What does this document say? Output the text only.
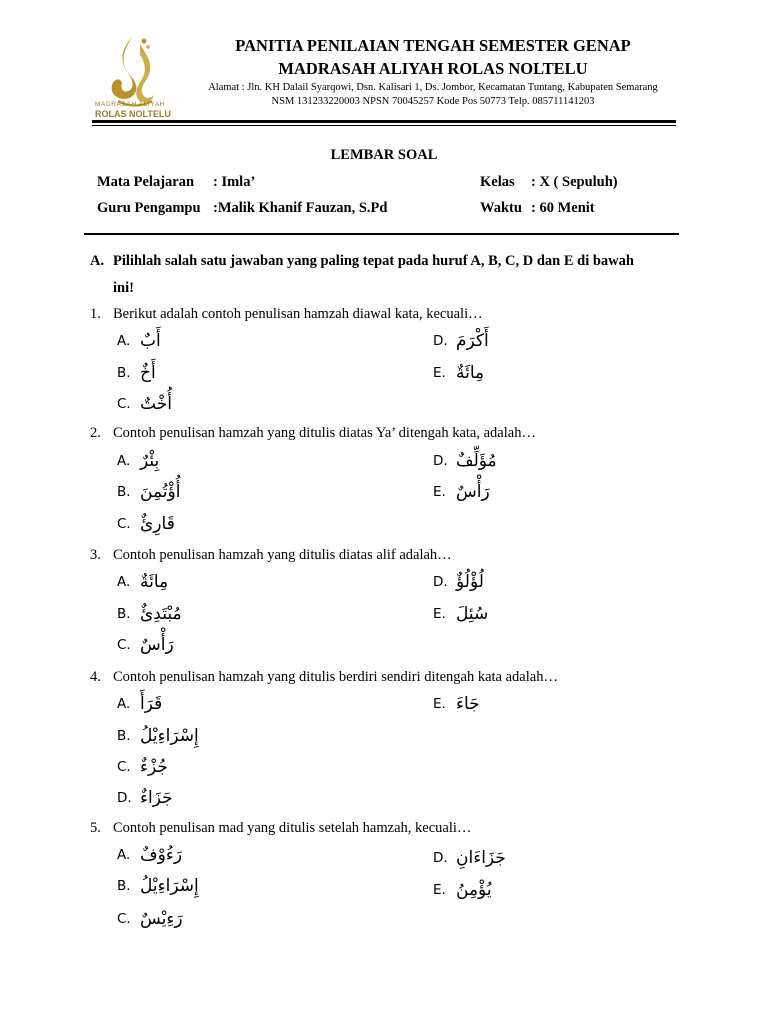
MADRASAH ALIYAH
ROLAS NOLTELU
PANITIA PENILAIAN TENGAH SEMESTER GENAP
MADRASAH ALIYAH ROLAS NOLTELU
Alamat : Jln. KH Dalail Syarqowi, Dsn. Kalisari 1, Ds. Jombor, Kecamatan Tuntang, Kabupaten Semarang
NSM 131233220003 NPSN 70045257 Kode Pos 50773 Telp. 085711141203
LEMBAR SOAL
Mata Pelajaran : Imla’
Guru Pengampu :Malik Khanif Fauzan, S.Pd
Kelas : X ( Sepuluh)
Waktu : 60 Menit
A. Pilihlah salah satu jawaban yang paling tepat pada huruf A, B, C, D dan E di bawah
ini!
1. Berikut adalah contoh penulisan hamzah diawal kata, kecuali…
A. أَبٌ
B. أَخٌ
C. أُخْتٌ
D. أَكْرَمَ
E. مِائَةٌ
2. Contoh penulisan hamzah yang ditulis diatas Ya’ ditengah kata, adalah…
A. بِئْرٌ
B. أُؤْتُمِنَ
C. قَارِئٌ
D. مُؤَلِّفٌ
E. رَأْسٌ
3. Contoh penulisan hamzah yang ditulis diatas alif adalah…
A. مِائَةٌ
B. مُبْتَدِئٌ
C. رَأْسٌ
D. لُؤْلُؤٌ
E. سُئِلَ
4. Contoh penulisan hamzah yang ditulis berdiri sendiri ditengah kata adalah…
A. قَرَأَ
B. إِسْرَاءِيْلُ
C. جُزْءٌ
D. جَزَاءٌ
E. جَاءَ
5. Contoh penulisan mad yang ditulis setelah hamzah, kecuali…
A. رَءُوْفٌ
B. إِسْرَاءِيْلُ
C. رَءِيْسٌ
D. جَزَاءَانِ
E. يُؤْمِنُ
